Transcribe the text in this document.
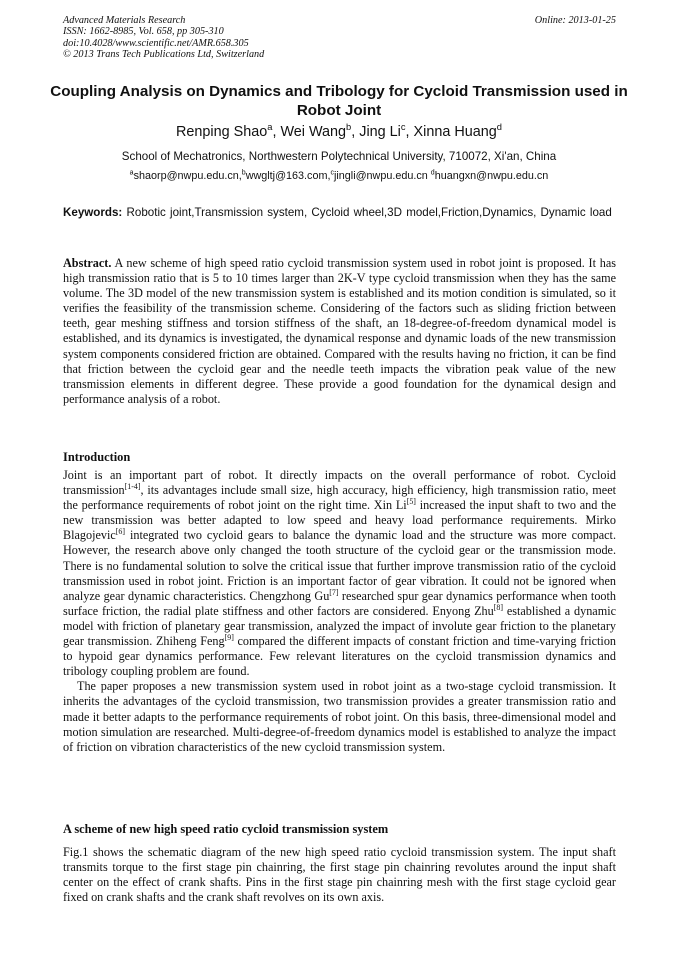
Advanced Materials Research
ISSN: 1662-8985, Vol. 658, pp 305-310
doi:10.4028/www.scientific.net/AMR.658.305
© 2013 Trans Tech Publications Ltd, Switzerland
Online: 2013-01-25
Coupling Analysis on Dynamics and Tribology for Cycloid Transmission used in Robot Joint
Renping Shao$^a$, Wei Wang$^b$, Jing Li$^c$, Xinna Huang$^d$
School of Mechatronics, Northwestern Polytechnical University, 710072, Xi'an, China
$^a$shaorp@nwpu.edu.cn,$^b$wwgltj@163.com,$^c$jingli@nwpu.edu.cn $^d$huangxn@nwpu.edu.cn
Keywords: Robotic joint,Transmission system, Cycloid wheel,3D model,Friction,Dynamics, Dynamic load
Abstract. A new scheme of high speed ratio cycloid transmission system used in robot joint is proposed. It has high transmission ratio that is 5 to 10 times larger than 2K-V type cycloid transmission when they has the same volume. The 3D model of the new transmission system is established and its motion condition is simulated, so it verifies the feasibility of the transmission scheme. Considering of the factors such as sliding friction between teeth, gear meshing stiffness and torsion stiffness of the shaft, an 18-degree-of-freedom dynamical model is established, and its dynamics is investigated, the dynamical response and dynamic loads of the new transmission system components considered friction are obtained. Compared with the results having no friction, it can be find that friction between the cycloid gear and the needle teeth impacts the vibration peak value of the new transmission elements in different degree. These provide a good foundation for the dynamical design and performance analysis of a robot.
Introduction

Joint is an important part of robot. It directly impacts on the overall performance of robot. Cycloid transmission[1-4], its advantages include small size, high accuracy, high efficiency, high transmission ratio, meet the performance requirements of robot joint on the right time. Xin Li[5] increased the input shaft to two and the new transmission was better adapted to low speed and heavy load performance requirements. Mirko Blagojevic[6] integrated two cycloid gears to balance the dynamic load and the structure was more compact. However, the research above only changed the tooth structure of the cycloid gear or the transmission mode. There is no fundamental solution to solve the critical issue that further improve transmission ratio of the cycloid transmission used in robot joint. Friction is an important factor of gear vibration. It could not be ignored when analyze gear dynamic characteristics. Chengzhong Gu[7] researched spur gear dynamics performance when tooth surface friction, the radial plate stiffness and other factors are considered. Enyong Zhu[8] established a dynamic model with friction of planetary gear transmission, analyzed the impact of involute gear friction to the planetary gear transmission. Zhiheng Feng[9] compared the different impacts of constant friction and time-varying friction to hypoid gear dynamics performance. Few relevant literatures on the cycloid transmission dynamics and tribology coupling problem are found.

The paper proposes a new transmission system used in robot joint as a two-stage cycloid transmission. It inherits the advantages of the cycloid transmission, two transmission provides a greater transmission ratio and made it better adapts to the performance requirements of robot joint. On this basis, three-dimensional model and motion simulation are researched. Multi-degree-of-freedom dynamics model is established to analyze the impact of friction on vibration characteristics of the new cycloid transmission system.

A scheme of new high speed ratio cycloid transmission system

Fig.1 shows the schematic diagram of the new high speed ratio cycloid transmission system. The input shaft transmits torque to the first stage pin chainring, the first stage pin chainring revolutes around the input shaft center on the effect of crank shafts. Pins in the first stage pin chainring mesh with the first stage cycloid gear fixed on crank shafts and the crank shaft revolves on its own axis.
